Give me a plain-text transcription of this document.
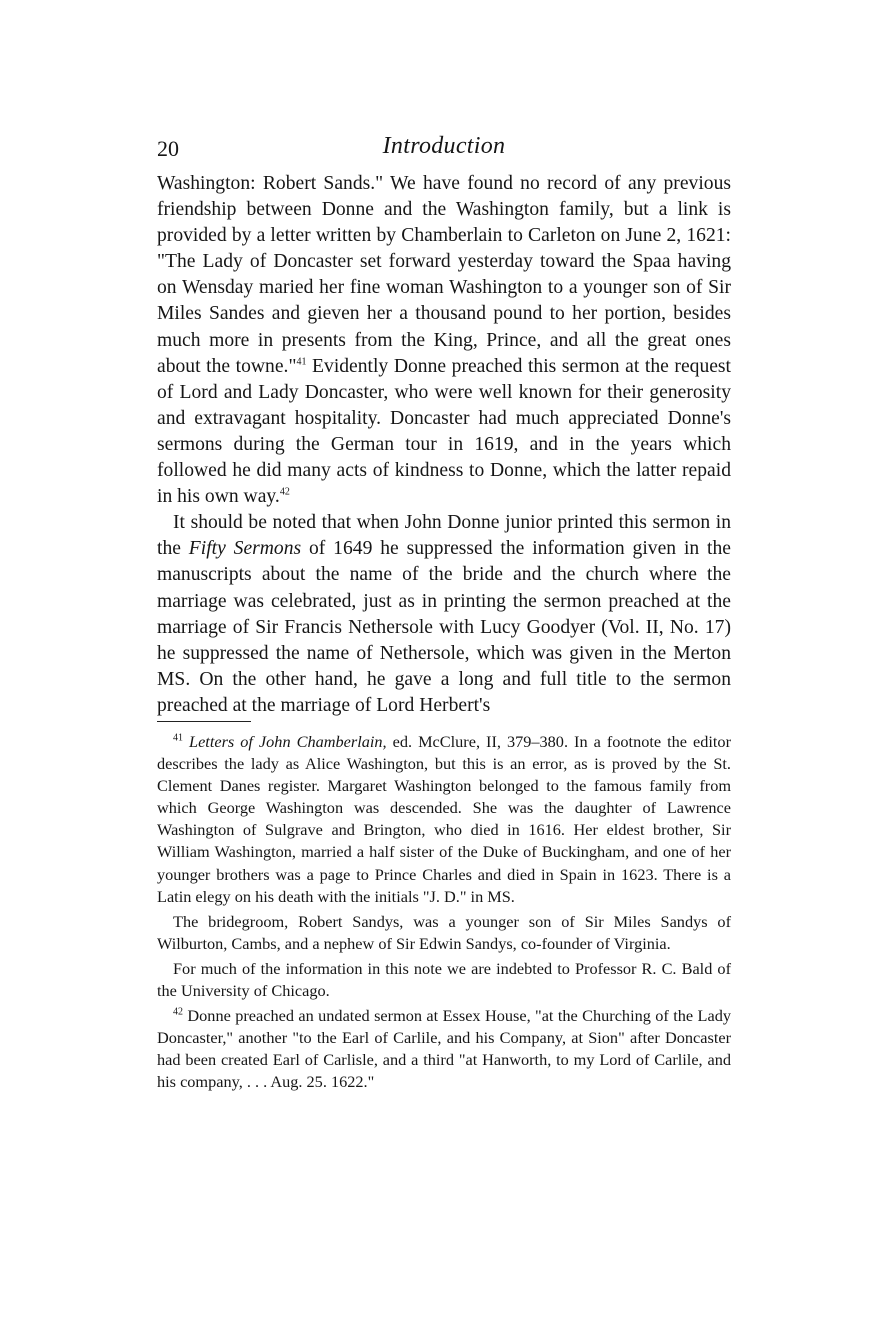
20	Introduction

Washington: Robert Sands." We have found no record of any previous friendship between Donne and the Washington family, but a link is provided by a letter written by Chamberlain to Carleton on June 2, 1621: "The Lady of Doncaster set forward yesterday toward the Spaa having on Wensday maried her fine woman Washington to a younger son of Sir Miles Sandes and gieven her a thousand pound to her portion, besides much more in presents from the King, Prince, and all the great ones about the towne."$^{41}$ Evidently Donne preached this sermon at the request of Lord and Lady Doncaster, who were well known for their generosity and extravagant hospitality. Doncaster had much appreciated Donne's sermons during the German tour in 1619, and in the years which followed he did many acts of kindness to Donne, which the latter repaid in his own way.$^{42}$

It should be noted that when John Donne junior printed this sermon in the Fifty Sermons of 1649 he suppressed the information given in the manuscripts about the name of the bride and the church where the marriage was celebrated, just as in printing the sermon preached at the marriage of Sir Francis Nethersole with Lucy Goodyer (Vol. II, No. 17) he suppressed the name of Nethersole, which was given in the Merton MS. On the other hand, he gave a long and full title to the sermon preached at the marriage of Lord Herbert's

$^{41}$ Letters of John Chamberlain, ed. McClure, II, 379–380. In a footnote the editor describes the lady as Alice Washington, but this is an error, as is proved by the St. Clement Danes register. Margaret Washington belonged to the famous family from which George Washington was descended. She was the daughter of Lawrence Washington of Sulgrave and Brington, who died in 1616. Her eldest brother, Sir William Washington, married a half sister of the Duke of Buckingham, and one of her younger brothers was a page to Prince Charles and died in Spain in 1623. There is a Latin elegy on his death with the initials "J. D." in MS.

The bridegroom, Robert Sandys, was a younger son of Sir Miles Sandys of Wilburton, Cambs, and a nephew of Sir Edwin Sandys, co-founder of Virginia.

For much of the information in this note we are indebted to Professor R. C. Bald of the University of Chicago.

$^{42}$ Donne preached an undated sermon at Essex House, "at the Churching of the Lady Doncaster," another "to the Earl of Carlile, and his Company, at Sion" after Doncaster had been created Earl of Carlisle, and a third "at Hanworth, to my Lord of Carlile, and his company, . . . Aug. 25. 1622."
